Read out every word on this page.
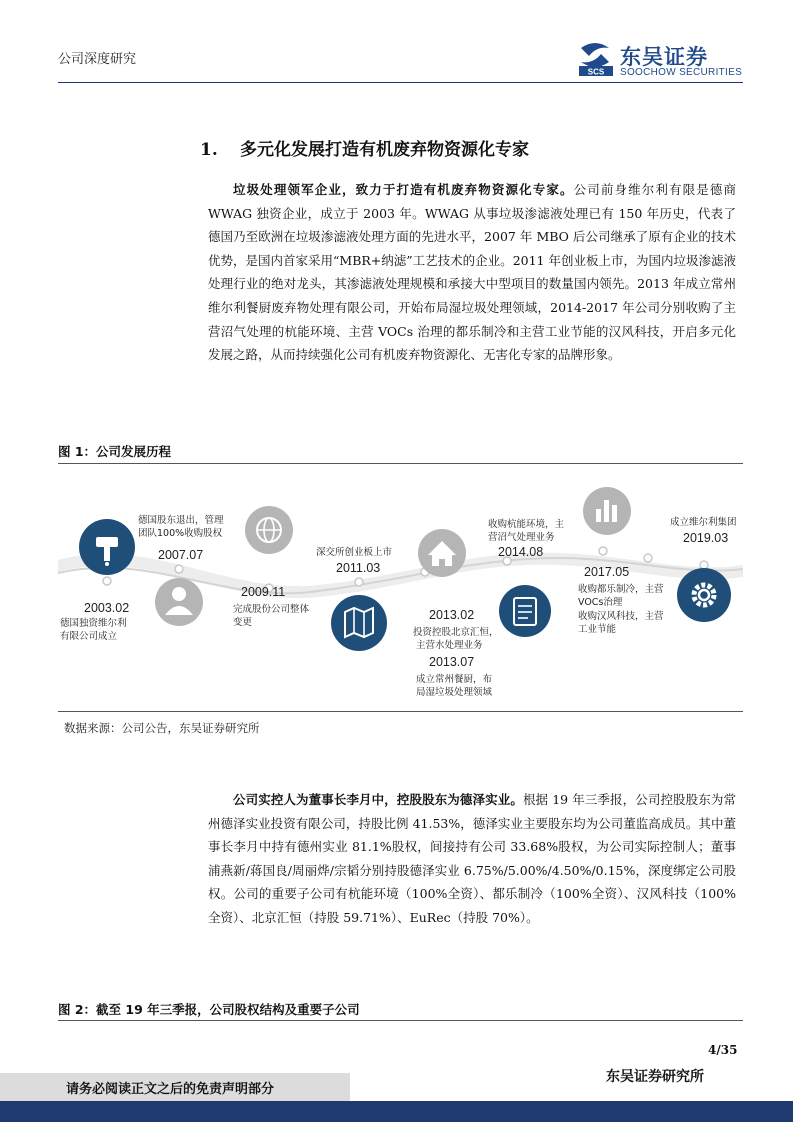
公司深度研究
SCS
东吴证券
SOOCHOW SECURITIES
1. 多元化发展打造有机废弃物资源化专家
垃圾处理领军企业，致力于打造有机废弃物资源化专家。公司前身维尔利有限是德商 WWAG 独资企业，成立于 2003 年。WWAG 从事垃圾渗滤液处理已有 150 年历史，代表了德国乃至欧洲在垃圾渗滤液处理方面的先进水平，2007 年 MBO 后公司继承了原有企业的技术优势，是国内首家采用“MBR+纳滤”工艺技术的企业。2011 年创业板上市，为国内垃圾渗滤液处理行业的绝对龙头，其渗滤液处理规模和承接大中型项目的数量国内领先。2013 年成立常州维尔利餐厨废弃物处理有限公司，开始布局湿垃圾处理领域，2014-2017 年公司分别收购了主营沼气处理的杭能环境、主营 VOCs 治理的都乐制冷和主营工业节能的汉风科技，开启多元化发展之路，从而持续强化公司有机废弃物资源化、无害化专家的品牌形象。
图 1：公司发展历程
德国独资维尔利
有限公司成立
德国股东退出，管理
团队100%收购股权
完成股份公司整体
变更
深交所创业板上市
投资控股北京汇恒，
主营水处理业务
成立常州餐厨，布
局湿垃圾处理领域
收购杭能环境，主
营沼气处理业务
收购都乐制冷，主营
VOCs治理
收购汉风科技，主营
工业节能
成立维尔利集团
2003.02
2007.07
2009.11
2011.03
2013.02
2013.07
2014.08
2017.05
2019.03
数据来源：公司公告，东吴证券研究所
公司实控人为董事长李月中，控股股东为德泽实业。根据 19 年三季报，公司控股股东为常州德泽实业投资有限公司，持股比例 41.53%，德泽实业主要股东均为公司董监高成员。其中董事长李月中持有德州实业 81.1%股权，间接持有公司 33.68%股权，为公司实际控制人；董事浦燕新/蒋国良/周丽烨/宗韬分别持股德泽实业 6.75%/5.00%/4.50%/0.15%，深度绑定公司股权。公司的重要子公司有杭能环境（100%全资）、都乐制冷（100%全资）、汉风科技（100%全资）、北京汇恒（持股 59.71%）、EuRec（持股 70%）。
图 2：截至 19 年三季报，公司股权结构及重要子公司
4/35
请务必阅读正文之后的免责声明部分
东吴证券研究所
